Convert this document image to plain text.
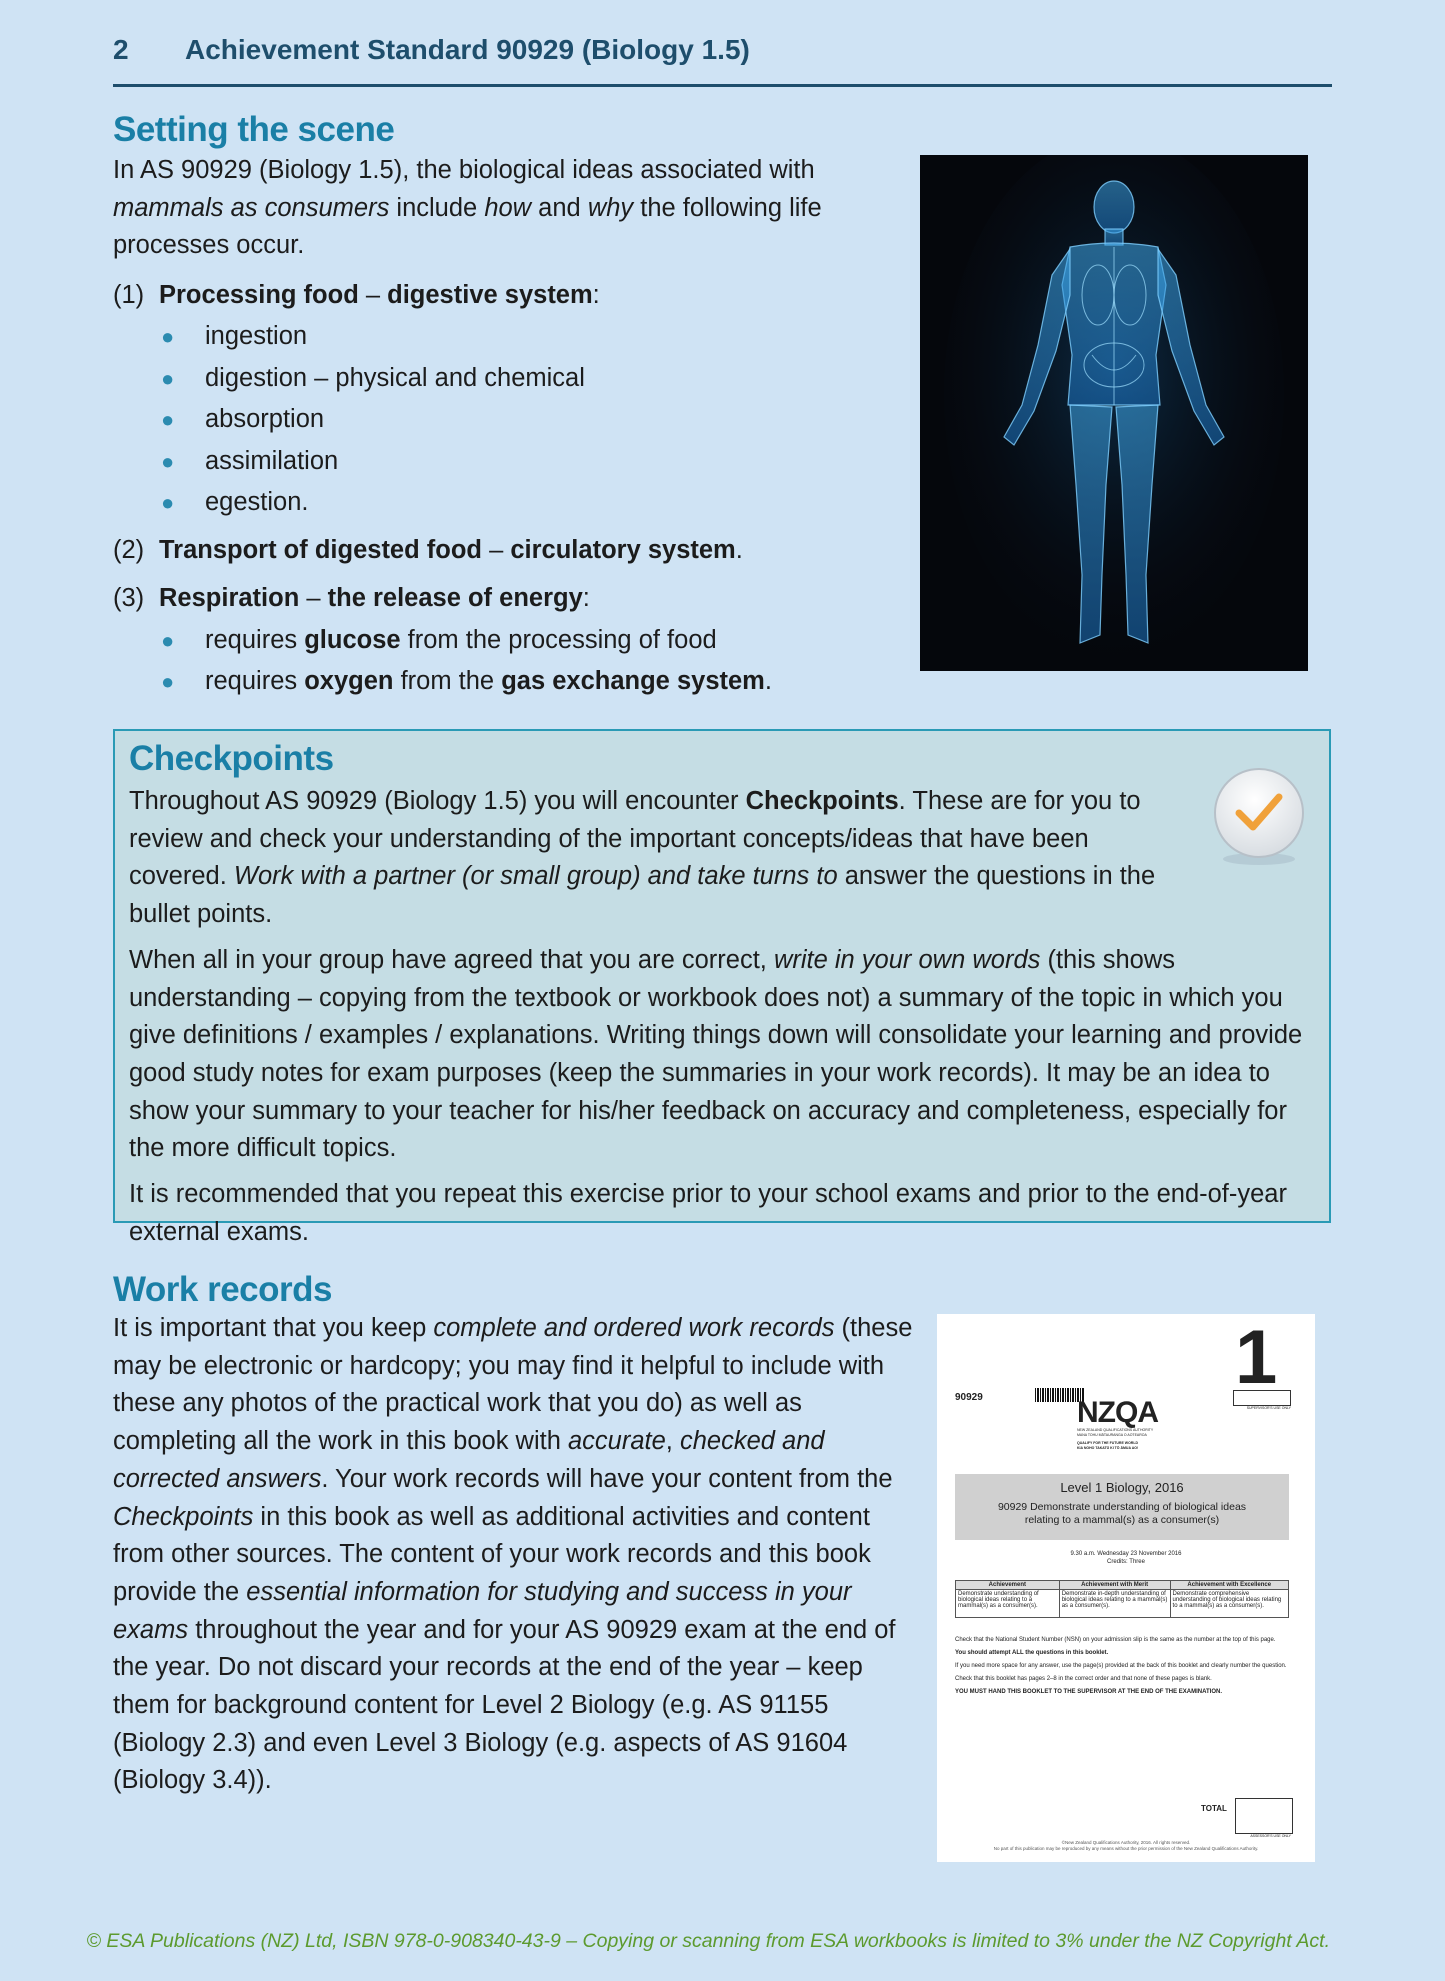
2 Achievement Standard 90929 (Biology 1.5)
Setting the scene
In AS 90929 (Biology 1.5), the biological ideas associated with mammals as consumers include how and why the following life processes occur.
(1) Processing food – digestive system:
● ingestion
● digestion – physical and chemical
● absorption
● assimilation
● egestion.
(2) Transport of digested food – circulatory system.
(3) Respiration – the release of energy:
● requires glucose from the processing of food
● requires oxygen from the gas exchange system.
Checkpoints

Throughout AS 90929 (Biology 1.5) you will encounter Checkpoints. These are for you to review and check your understanding of the important concepts/ideas that have been covered. Work with a partner (or small group) and take turns to answer the questions in the bullet points.

When all in your group have agreed that you are correct, write in your own words (this shows understanding – copying from the textbook or workbook does not) a summary of the topic in which you give definitions / examples / explanations. Writing things down will consolidate your learning and provide good study notes for exam purposes (keep the summaries in your work records). It may be an idea to show your summary to your teacher for his/her feedback on accuracy and completeness, especially for the more difficult topics.

It is recommended that you repeat this exercise prior to your school exams and prior to the end-of-year external exams.

Work records
It is important that you keep complete and ordered work records (these may be electronic or hardcopy; you may find it helpful to include with these any photos of the practical work that you do) as well as completing all the work in this book with accurate, checked and corrected answers. Your work records will have your content from the Checkpoints in this book as well as additional activities and content from other sources. The content of your work records and this book provide the essential information for studying and success in your exams throughout the year and for your AS 90929 exam at the end of the year. Do not discard your records at the end of the year – keep them for background content for Level 2 Biology (e.g. AS 91155 (Biology 2.3) and even Level 3 Biology (e.g. aspects of AS 91604 (Biology 3.4)).
90929	1
SUPERVISOR'S USE ONLY
NZQA
NEW ZEALAND QUALIFICATIONS AUTHORITY
MANA TOHU MĀTAURANGA O AOTEAROA
QUALIFY FOR THE FUTURE WORLD
KIA NOHO TAKATŪ KI TŌ ĀMUA AO!
Level 1 Biology, 2016
90929 Demonstrate understanding of biological ideas relating to a mammal(s) as a consumer(s)
9.30 a.m. Wednesday 23 November 2016
Credits: Three
Achievement	Achievement with Merit	Achievement with Excellence
Demonstrate understanding of biological ideas relating to a mammal(s) as a consumer(s).	Demonstrate in-depth understanding of biological ideas relating to a mammal(s) as a consumer(s).	Demonstrate comprehensive understanding of biological ideas relating to a mammal(s) as a consumer(s).
Check that the National Student Number (NSN) on your admission slip is the same as the number at the top of this page.
You should attempt ALL the questions in this booklet.
If you need more space for any answer, use the page(s) provided at the back of this booklet and clearly number the question.
Check that this booklet has pages 2–8 in the correct order and that none of these pages is blank.
YOU MUST HAND THIS BOOKLET TO THE SUPERVISOR AT THE END OF THE EXAMINATION.
TOTAL
ASSESSOR'S USE ONLY
©New Zealand Qualifications Authority, 2016. All rights reserved.
No part of this publication may be reproduced by any means without the prior permission of the New Zealand Qualifications Authority.
© ESA Publications (NZ) Ltd, ISBN 978-0-908340-43-9 – Copying or scanning from ESA workbooks is limited to 3% under the NZ Copyright Act.
